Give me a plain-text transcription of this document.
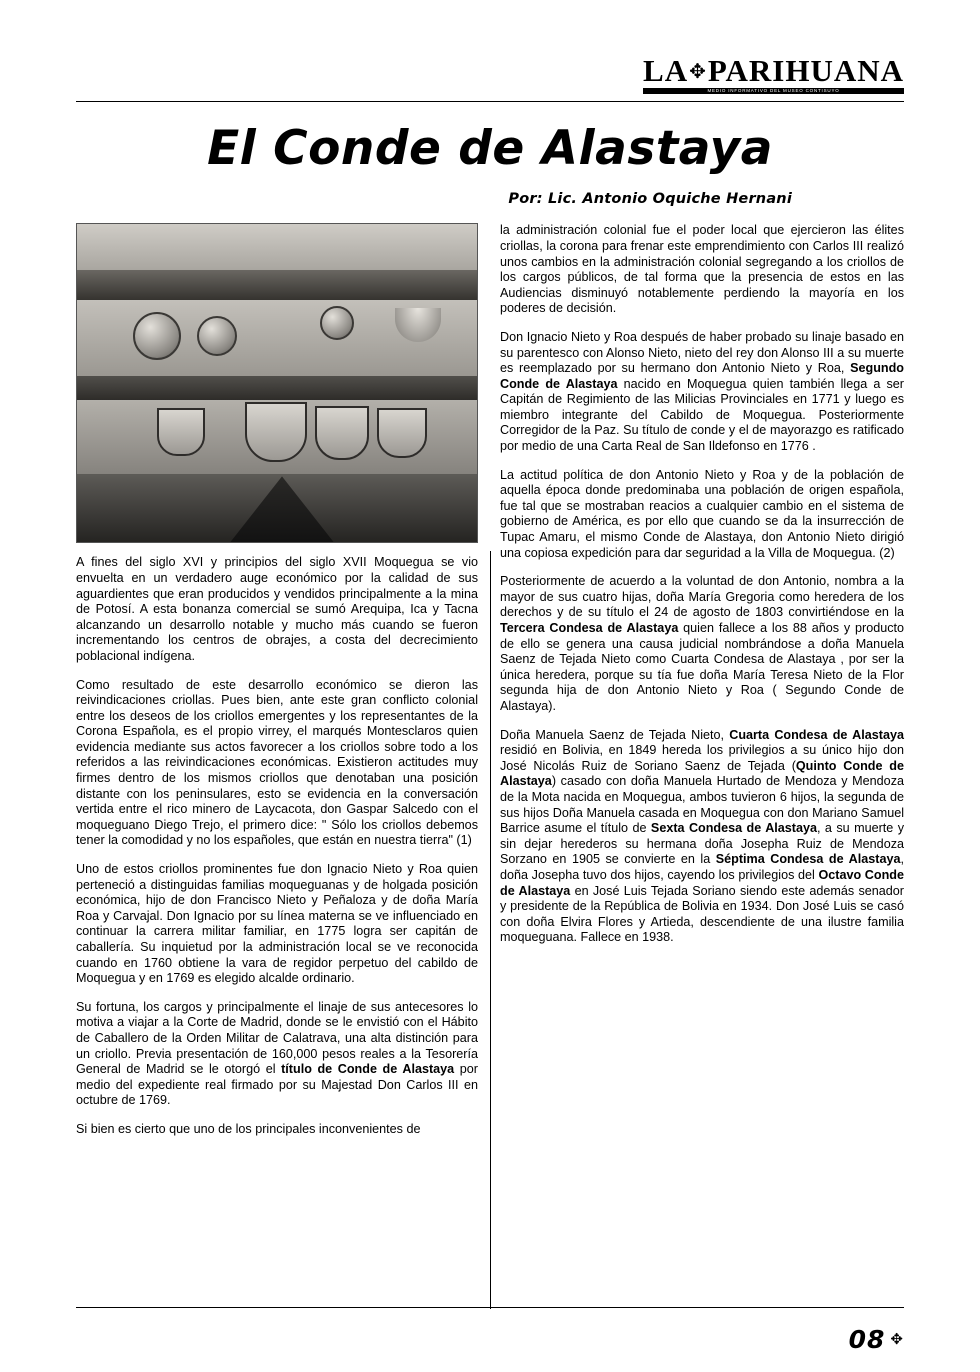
LA✥PARIHUANA
MEDIO INFORMATIVO DEL MUSEO CONTISUYO
El Conde de Alastaya
Por: Lic. Antonio Oquiche Hernani

la administración colonial fue el poder local que ejercieron las élites criollas, la corona para frenar este emprendimiento con Carlos III realizó unos cambios en la administración colonial segregando a los criollos de los cargos públicos, de tal forma que la presencia de estos en las Audiencias disminuyó notablemente perdiendo la mayoría en los poderes de decisión.

Don Ignacio Nieto y Roa después de haber probado su linaje basado en su parentesco con Alonso Nieto, nieto del rey don Alonso III a su muerte es reemplazado por su hermano don Antonio Nieto y Roa, Segundo Conde de Alastaya nacido en Moquegua quien también llega a ser Capitán de Regimiento de las Milicias Provinciales en 1771 y luego es miembro integrante del Cabildo de Moquegua. Posteriormente Corregidor de la Paz. Su título de conde y el de mayorazgo es ratificado por medio de una Carta Real de San Ildefonso en 1776 .

La actitud política de don Antonio Nieto y Roa y de la población de aquella época donde predominaba una población de origen española, fue tal que se mostraban reacios a cualquier cambio en el sistema de gobierno de América, es por ello que cuando se da la insurrección de Tupac Amaru, el mismo Conde de Alastaya, don Antonio Nieto dirigió una copiosa expedición para dar seguridad a la Villa de Moquegua. (2)

Posteriormente de acuerdo a la voluntad de don Antonio, nombra a la mayor de sus cuatro hijas, doña María Gregoria como heredera de los derechos y de su título el 24 de agosto de 1803 convirtiéndose en la Tercera Condesa de Alastaya quien fallece a los 88 años y producto de ello se genera una causa judicial nombrándose a doña Manuela Saenz de Tejada Nieto como Cuarta Condesa de Alastaya , por ser la única heredera, porque su tía fue doña María Teresa Nieto de la Flor segunda hija de don Antonio Nieto y Roa ( Segundo Conde de Alastaya).

Doña Manuela Saenz de Tejada Nieto, Cuarta Condesa de Alastaya residió en Bolivia, en 1849 hereda los privilegios a su único hijo don José Nicolás Ruiz de Soriano Saenz de Tejada (Quinto Conde de Alastaya) casado con doña Manuela Hurtado de Mendoza y Mendoza de la Mota nacida en Moquegua, ambos tuvieron 6 hijos, la segunda de sus hijos Doña Manuela casada en Moquegua con don Mariano Samuel Barrice asume el título de Sexta Condesa de Alastaya, a su muerte y sin dejar herederos su hermana doña Josepha Ruiz de Mendoza Sorzano en 1905 se convierte en la Séptima Condesa de Alastaya, doña Josepha tuvo dos hijos, cayendo los privilegios del Octavo Conde de Alastaya en José Luis Tejada Soriano siendo este además senador y presidente de la República de Bolivia en 1934. Don José Luis se casó con doña Elvira Flores y Artieda, descendiente de una ilustre familia moqueguana. Fallece en 1938.

A fines del siglo XVI y principios del siglo XVII Moquegua se vio envuelta en un verdadero auge económico por la calidad de sus aguardientes que eran producidos y vendidos principalmente a la mina de Potosí. A esta bonanza comercial se sumó Arequipa, Ica y Tacna alcanzando un desarrollo notable y mucho más cuando se fueron incrementando los centros de obrajes, a costa del decrecimiento poblacional indígena.

Como resultado de este desarrollo económico se dieron las reivindicaciones criollas. Pues bien, ante este gran conflicto colonial entre los deseos de los criollos emergentes y los representantes de la Corona Española, es el propio virrey, el marqués Montesclaros quien evidencia mediante sus actos favorecer a los criollos sobre todo a los referidos a las reivindicaciones económicas. Existieron actitudes muy firmes dentro de los mismos criollos que denotaban una posición distante con los peninsulares, esto se evidencia en la conversación vertida entre el rico minero de Laycacota, don Gaspar Salcedo con el moqueguano Diego Trejo, el primero dice: " Sólo los criollos debemos tener la comodidad y no los españoles, que están en nuestra tierra" (1)

Uno de estos criollos prominentes fue don Ignacio Nieto y Roa quien perteneció a distinguidas familias moqueguanas y de holgada posición económica, hijo de don Francisco Nieto y Peñaloza y de doña María Roa y Carvajal. Don Ignacio por su línea materna se ve influenciado en continuar la carrera militar familiar, en 1775 logra ser capitán de caballería. Su inquietud por la administración local se ve reconocida cuando en 1760 obtiene la vara de regidor perpetuo del cabildo de Moquegua y en 1769 es elegido alcalde ordinario.

Su fortuna, los cargos y principalmente el linaje de sus antecesores lo motiva a viajar a la Corte de Madrid, donde se le envistió con el Hábito de Caballero de la Orden Militar de Calatrava, una alta distinción para un criollo. Previa presentación de 160,000 pesos reales a la Tesorería General de Madrid se le otorgó el título de Conde de Alastaya por medio del expediente real firmado por su Majestad Don Carlos III en octubre de 1769.

Si bien es cierto que uno de los principales inconvenientes de

08 ✥
